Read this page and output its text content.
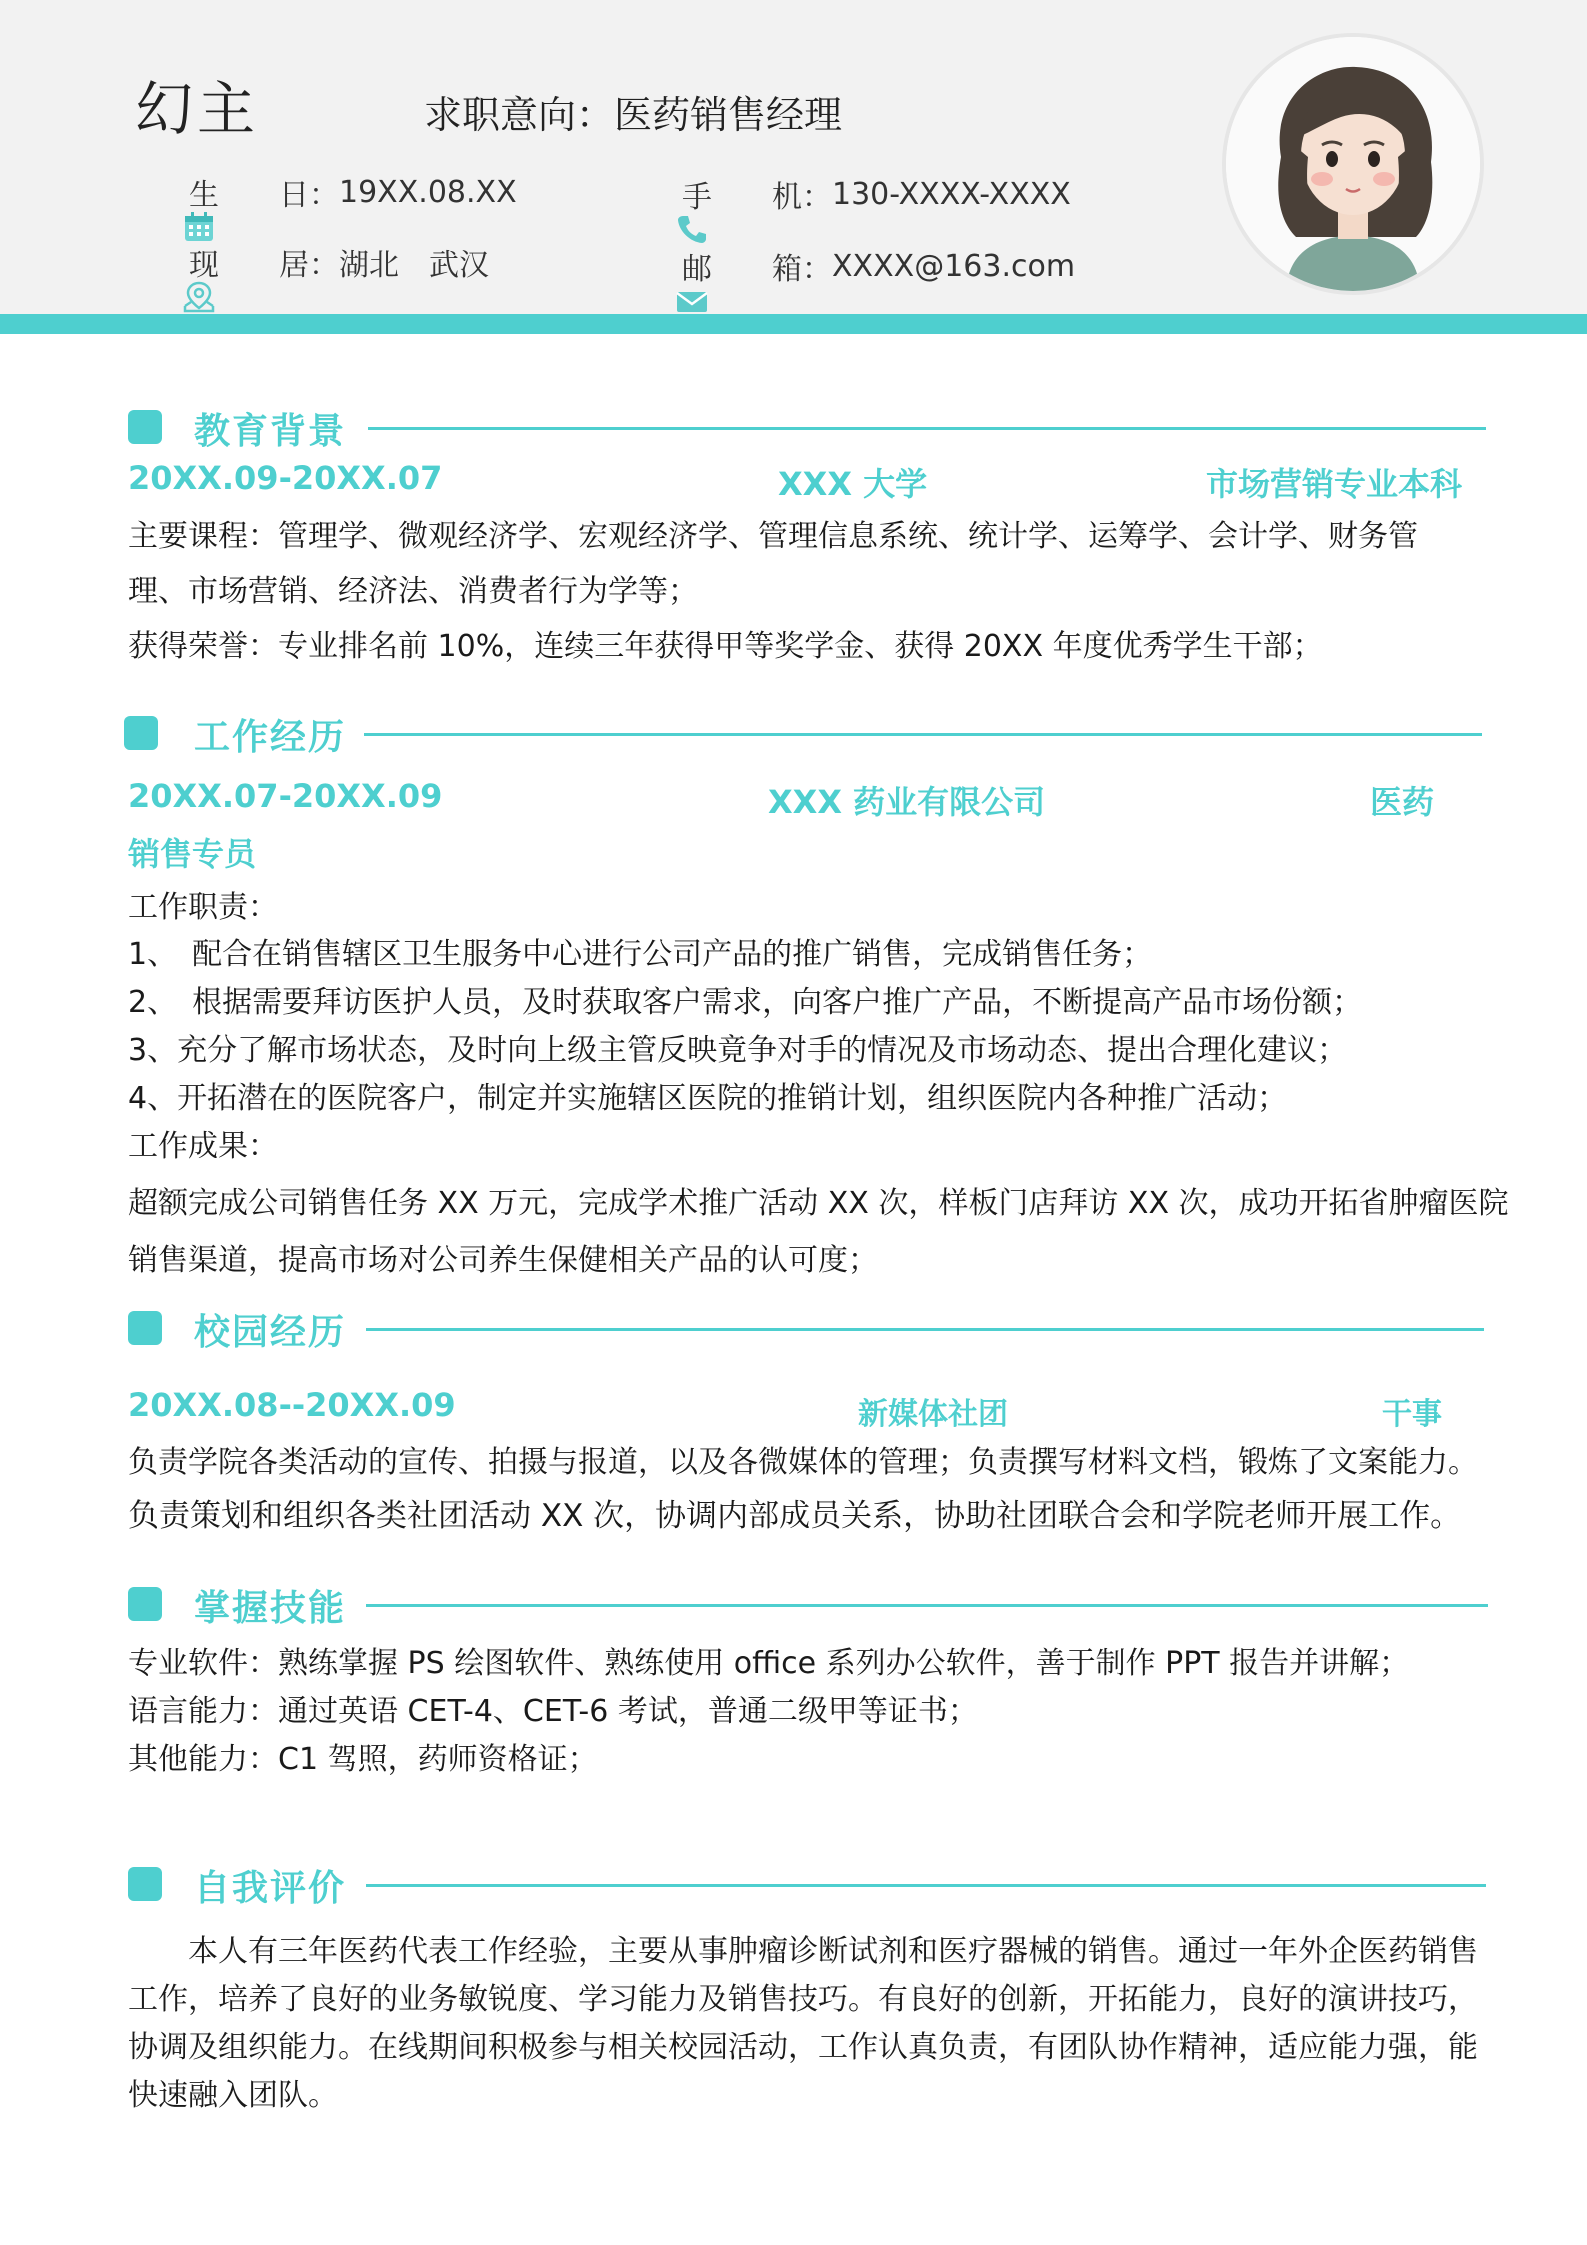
幻主	求职意向：医药销售经理

生	日： 19XX.08.XX

现	居： 湖北　武汉

手	机： 130-XXXX-XXXX

邮	箱： XXXX@163.com
教育背景
20XX.09-20XX.07	XXX 大学	市场营销专业本科
主要课程：管理学、微观经济学、宏观经济学、管理信息系统、统计学、运筹学、会计学、财务管
理、市场营销、经济法、消费者行为学等；
获得荣誉：专业排名前 10%，连续三年获得甲等奖学金、获得 20XX 年度优秀学生干部；
工作经历
20XX.07-20XX.09	XXX 药业有限公司	医药
销售专员
工作职责：
1、　配合在销售辖区卫生服务中心进行公司产品的推广销售，完成销售任务；
2、　根据需要拜访医护人员，及时获取客户需求，向客户推广产品，不断提高产品市场份额；
3、充分了解市场状态，及时向上级主管反映竟争对手的情况及市场动态、提出合理化建议；
4、开拓潜在的医院客户，制定并实施辖区医院的推销计划，组织医院内各种推广活动；
工作成果：
超额完成公司销售任务 XX 万元，完成学术推广活动 XX 次，样板门店拜访 XX 次，成功开拓省肿瘤医院
销售渠道，提高市场对公司养生保健相关产品的认可度；
校园经历
20XX.08--20XX.09	新媒体社团	干事
负责学院各类活动的宣传、拍摄与报道，以及各微媒体的管理；负责撰写材料文档，锻炼了文案能力。
负责策划和组织各类社团活动 XX 次，协调内部成员关系，协助社团联合会和学院老师开展工作。
掌握技能
专业软件：熟练掌握 PS 绘图软件、熟练使用 office 系列办公软件，善于制作 PPT 报告并讲解；
语言能力：通过英语 CET-4、CET-6 考试，普通二级甲等证书；
其他能力：C1 驾照，药师资格证；
自我评价
　　本人有三年医药代表工作经验，主要从事肿瘤诊断试剂和医疗器械的销售。通过一年外企医药销售
工作，培养了良好的业务敏锐度、学习能力及销售技巧。有良好的创新，开拓能力，良好的演讲技巧，
协调及组织能力。在线期间积极参与相关校园活动，工作认真负责，有团队协作精神，适应能力强，能
快速融入团队。
